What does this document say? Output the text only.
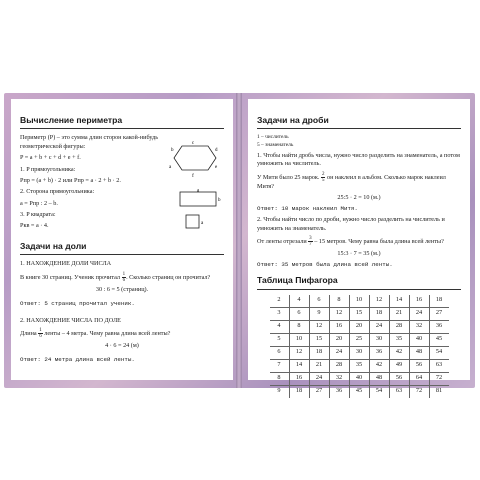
Вычисление периметра

Периметр (P) – это сумма длин сторон какой-нибудь геометрической фигуры:

P = a + b + c + d + e + f.

1. P прямоугольника:

Pпр = (a + b) · 2 или Pпр = a · 2 + b · 2.

c
d
e
f
a
b

2. Сторона прямоугольника:

a = Pпр : 2 – b.

a
b

3. P квадрата:

Pкв = a · 4.	a
Задачи на доли

1. НАХОЖДЕНИЕ ДОЛИ ЧИСЛА

В книге 30 страниц. Ученик прочитал $\frac{1}{6}$ . Сколько страниц он прочитал?

30 : 6 = 5 (страниц).

Ответ: 5 страниц прочитал ученик.

2. НАХОЖДЕНИЕ ЧИСЛА ПО ДОЛЕ

Длина $\frac{1}{6}$ ленты – 4 метра. Чему равна длина всей ленты?

4 · 6 = 24 (м)

Ответ: 24 метра длина всей ленты.

Задачи на дроби

1 – числитель

5 – знаменатель

1. Чтобы найти дробь числа, нужно число разделить на знаменатель, а потом умножить на числитель.

У Мити было 25 марок. $\frac{2}{5}$ он наклеил в альбом. Сколько марок наклеил Митя?

25:5 · 2 = 10 (м.)

Ответ: 10 марок наклеил Митя.

2. Чтобы найти число по дроби, нужно число разделить на числитель и умножить на знаменатель.

От ленты отрезали $\frac{3}{7} - 15$ метров. Чему равна была длина всей ленты?

15:3 · 7 = 35 (м.)

Ответ: 35 метров была длина всей ленты.

Таблица Пифагора
2	4	6	8	10	12	14	16	18
3	6	9	12	15	18	21	24	27
4	8	12	16	20	24	28	32	36
5	10	15	20	25	30	35	40	45
6	12	18	24	30	36	42	48	54
7	14	21	28	35	42	49	56	63
8	16	24	32	40	48	56	64	72
9	18	27	36	45	54	63	72	81
